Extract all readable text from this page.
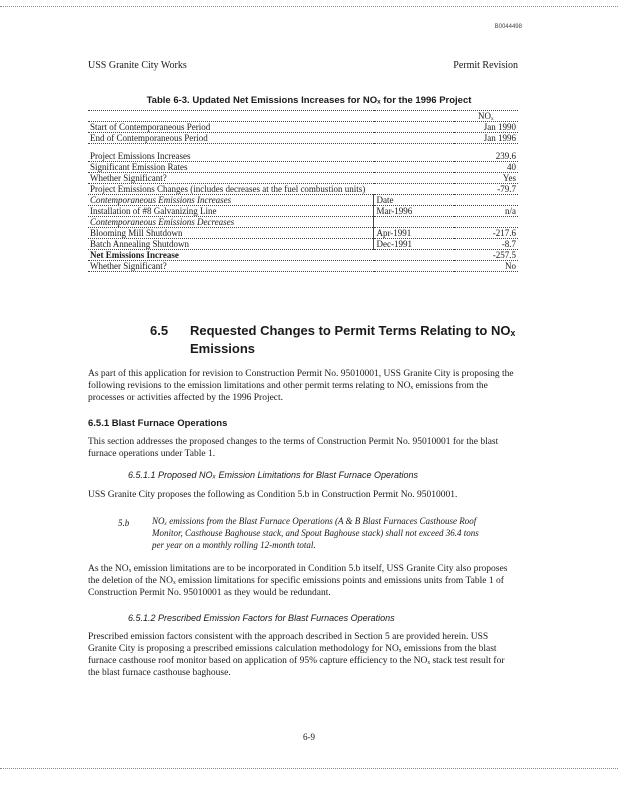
B0044498
USS Granite City Works	Permit Revision
Table 6-3. Updated Net Emissions Increases for NOₓ for the 1996 Project
		NOₓ
Start of Contemporaneous Period		Jan 1990
End of Contemporaneous Period		Jan 1996

Project Emissions Increases		239.6
Significant Emission Rates		40
Whether Significant?		Yes
Project Emissions Changes (includes decreases at the fuel combustion units)		-79.7
Contemporaneous Emissions Increases	Date	
Installation of #8 Galvanizing Line	Mar-1996	n/a
Contemporaneous Emissions Decreases		
Blooming Mill Shutdown	Apr-1991	-217.6
Batch Annealing Shutdown	Dec-1991	-8.7
Net Emissions Increase		-257.5
Whether Significant?		No
6.5 Requested Changes to Permit Terms Relating to NOₓ Emissions
As part of this application for revision to Construction Permit No. 95010001, USS Granite City is proposing the following revisions to the emission limitations and other permit terms relating to NOₓ emissions from the processes or activities affected by the 1996 Project.
6.5.1 Blast Furnace Operations
This section addresses the proposed changes to the terms of Construction Permit No. 95010001 for the blast furnace operations under Table 1.
6.5.1.1 Proposed NOₓ Emission Limitations for Blast Furnace Operations
USS Granite City proposes the following as Condition 5.b in Construction Permit No. 95010001.
5.b	NOₓ emissions from the Blast Furnace Operations (A & B Blast Furnaces Casthouse Roof Monitor, Casthouse Baghouse stack, and Spout Baghouse stack) shall not exceed 36.4 tons per year on a monthly rolling 12-month total.
As the NOₓ emission limitations are to be incorporated in Condition 5.b itself, USS Granite City also proposes the deletion of the NOₓ emission limitations for specific emissions points and emissions units from Table 1 of Construction Permit No. 95010001 as they would be redundant.
6.5.1.2 Prescribed Emission Factors for Blast Furnaces Operations
Prescribed emission factors consistent with the approach described in Section 5 are provided herein. USS Granite City is proposing a prescribed emissions calculation methodology for NOₓ emissions from the blast furnace casthouse roof monitor based on application of 95% capture efficiency to the NOₓ stack test result for the blast furnace casthouse baghouse.
6-9
